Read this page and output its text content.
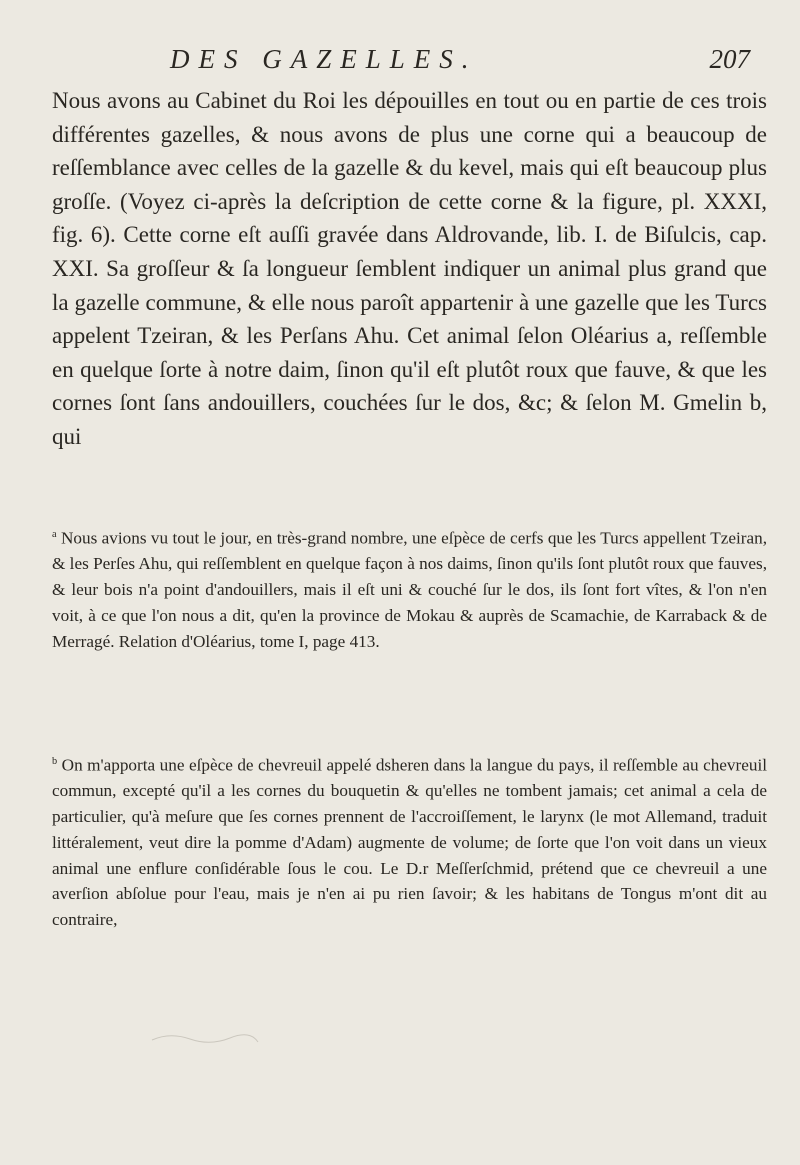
DES GAZELLES.	207

Nous avons au Cabinet du Roi les dépouilles en tout ou en partie de ces trois différentes gazelles, & nous avons de plus une corne qui a beaucoup de reſſemblance avec celles de la gazelle & du kevel, mais qui eſt beaucoup plus groſſe. (Voyez ci-après la deſcription de cette corne & la figure, pl. XXXI, fig. 6). Cette corne eſt auſſi gravée dans Aldrovande, lib. I. de Biſulcis, cap. XXI. Sa groſſeur & ſa longueur ſemblent indiquer un animal plus grand que la gazelle commune, & elle nous paroît appartenir à une gazelle que les Turcs appelent Tzeiran, & les Perſans Ahu. Cet animal ſelon Oléarius a, reſſemble en quelque ſorte à notre daim, ſinon qu'il eſt plutôt roux que fauve, & que les cornes ſont ſans andouillers, couchées ſur le dos, &c; & ſelon M. Gmelin b, qui

$^a$ Nous avions vu tout le jour, en très-grand nombre, une eſpèce de cerfs que les Turcs appellent Tzeiran, & les Perſes Ahu, qui reſſemblent en quelque façon à nos daims, ſinon qu'ils ſont plutôt roux que fauves, & leur bois n'a point d'andouillers, mais il eſt uni & couché ſur le dos, ils ſont fort vîtes, & l'on n'en voit, à ce que l'on nous a dit, qu'en la province de Mokau & auprès de Scamachie, de Karraback & de Merragé. Relation d'Oléarius, tome I, page 413.

$^b$ On m'apporta une eſpèce de chevreuil appelé dsheren dans la langue du pays, il reſſemble au chevreuil commun, excepté qu'il a les cornes du bouquetin & qu'elles ne tombent jamais; cet animal a cela de particulier, qu'à meſure que ſes cornes prennent de l'accroiſſement, le larynx (le mot Allemand, traduit littéralement, veut dire la pomme d'Adam) augmente de volume; de ſorte que l'on voit dans un vieux animal une enflure conſidérable ſous le cou. Le D.r Meſſerſchmid, prétend que ce chevreuil a une averſion abſolue pour l'eau, mais je n'en ai pu rien ſavoir; & les habitans de Tongus m'ont dit au contraire,
